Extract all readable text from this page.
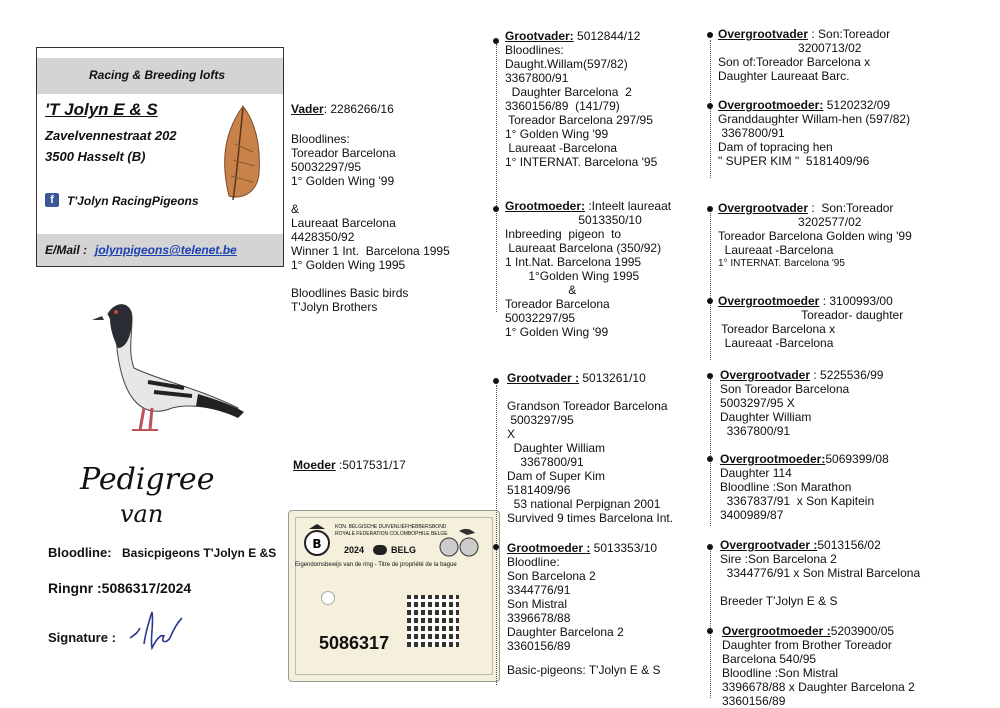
Racing & Breeding lofts
'T Jolyn E & S
Zavelvennestraat 202
3500 Hasselt (B)
f	T'Jolyn RacingPigeons
E/Mail : jolynpigeons@telenet.be
Pedigree
van
Bloodline: Basicpigeons T'Jolyn E &S
Ringnr :5086317/2024
Signature :
Vader: 2286266/16
Bloodlines:
Toreador Barcelona
50032297/95
1° Golden Wing '99
&
Laureaat Barcelona
4428350/92
Winner 1 Int.  Barcelona 1995
1° Golden Wing 1995
Bloodlines Basic birds
T'Jolyn Brothers
Moeder :5017531/17
B
KON. BELGISCHE DUIVENLIEFHEBBERSBOND
ROYALE FEDERATION COLOMBOPHILE BELGE
2024	BELG
Eigendomsbewijs van de ring - Titre de propriété de la bague
5086317
Grootvader: 5012844/12
Bloodlines:
Daught.Willam(597/82)
3367800/91
Daughter Barcelona  2
3360156/89  (141/79)
Toreador Barcelona 297/95
1° Golden Wing '99
Laureaat -Barcelona
1° INTERNAT. Barcelona '95
Grootmoeder: :Inteelt laureaat
5013350/10
Inbreeding  pigeon  to
Laureaat Barcelona (350/92)
1 Int.Nat. Barcelona 1995
1°Golden Wing 1995
&
Toreador Barcelona
50032297/95
1° Golden Wing '99
Grootvader : 5013261/10
Grandson Toreador Barcelona
5003297/95
X
Daughter William
3367800/91
Dam of Super Kim
5181409/96
53 national Perpignan 2001
Survived 9 times Barcelona Int.
Grootmoeder : 5013353/10
Bloodline:
Son Barcelona 2
3344776/91
Son Mistral
3396678/88
Daughter Barcelona 2
3360156/89
Basic-pigeons: T'Jolyn E & S
Overgrootvader : Son:Toreador
3200713/02
Son of:Toreador Barcelona x
Daughter Laureaat Barc.
Overgrootmoeder: 5120232/09
Granddaughter Willam-hen (597/82)
3367800/91
Dam of topracing hen
" SUPER KIM "  5181409/96
Overgrootvader :  Son:Toreador
3202577/02
Toreador Barcelona Golden wing '99
Laureaat -Barcelona
1° INTERNAT. Barcelona '95
Overgrootmoeder : 3100993/00
Toreador- daughter
Toreador Barcelona x
Laureaat -Barcelona
Overgrootvader : 5225536/99
Son Toreador Barcelona
5003297/95 X
Daughter William
3367800/91
Overgrootmoeder:5069399/08
Daughter 114
Bloodline :Son Marathon
3367837/91  x Son Kapitein
3400989/87
Overgrootvader :5013156/02
Sire :Son Barcelona 2
3344776/91 x Son Mistral Barcelona
Breeder T'Jolyn E & S
Overgrootmoeder :5203900/05
Daughter from Brother Toreador
Barcelona 540/95
Bloodline :Son Mistral
3396678/88 x Daughter Barcelona 2
3360156/89
